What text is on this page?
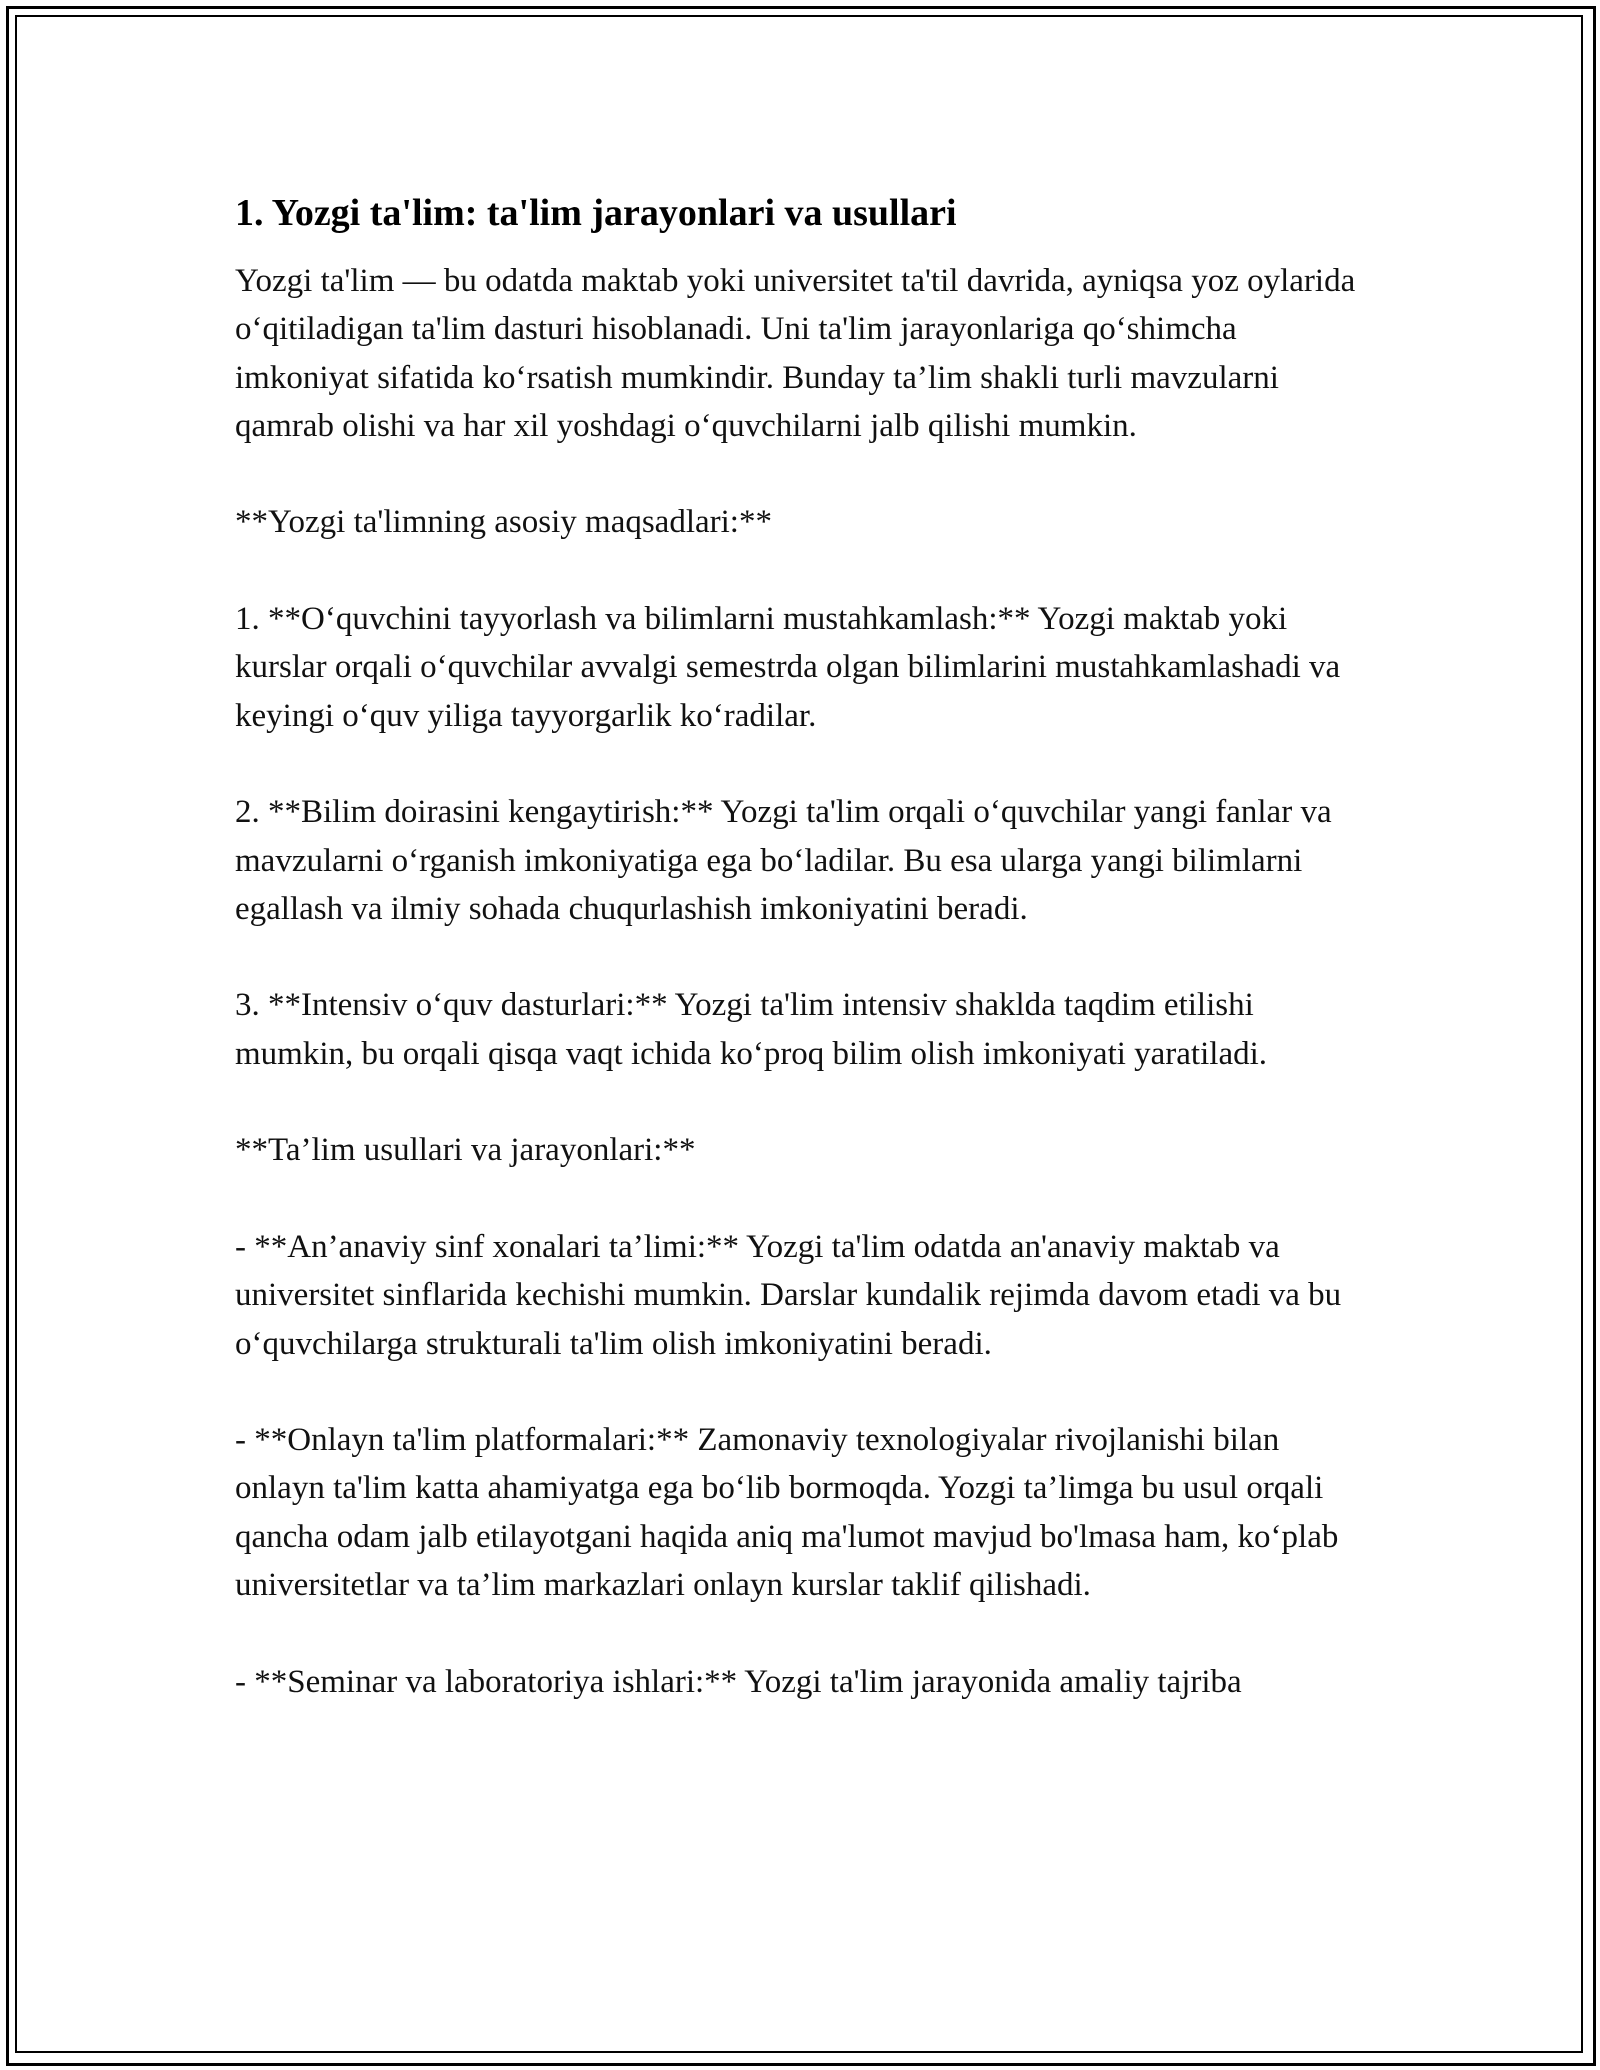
1. Yozgi ta'lim: ta'lim jarayonlari va usullari

Yozgi ta'lim — bu odatda maktab yoki universitet ta'til davrida, ayniqsa yoz oylarida o‘qitiladigan ta'lim dasturi hisoblanadi. Uni ta'lim jarayonlariga qo‘shimcha imkoniyat sifatida ko‘rsatish mumkindir. Bunday ta’lim shakli turli mavzularni qamrab olishi va har xil yoshdagi o‘quvchilarni jalb qilishi mumkin.

**Yozgi ta'limning asosiy maqsadlari:**

1. **O‘quvchini tayyorlash va bilimlarni mustahkamlash:** Yozgi maktab yoki kurslar orqali o‘quvchilar avvalgi semestrda olgan bilimlarini mustahkamlashadi va keyingi o‘quv yiliga tayyorgarlik ko‘radilar.

2. **Bilim doirasini kengaytirish:** Yozgi ta'lim orqali o‘quvchilar yangi fanlar va mavzularni o‘rganish imkoniyatiga ega bo‘ladilar. Bu esa ularga yangi bilimlarni egallash va ilmiy sohada chuqurlashish imkoniyatini beradi.

3. **Intensiv o‘quv dasturlari:** Yozgi ta'lim intensiv shaklda taqdim etilishi mumkin, bu orqali qisqa vaqt ichida ko‘proq bilim olish imkoniyati yaratiladi.

**Ta’lim usullari va jarayonlari:**

- **An’anaviy sinf xonalari ta’limi:** Yozgi ta'lim odatda an'anaviy maktab va universitet sinflarida kechishi mumkin. Darslar kundalik rejimda davom etadi va bu o‘quvchilarga strukturali ta'lim olish imkoniyatini beradi.

- **Onlayn ta'lim platformalari:** Zamonaviy texnologiyalar rivojlanishi bilan onlayn ta'lim katta ahamiyatga ega bo‘lib bormoqda. Yozgi ta’limga bu usul orqali qancha odam jalb etilayotgani haqida aniq ma'lumot mavjud bo'lmasa ham, ko‘plab universitetlar va ta’lim markazlari onlayn kurslar taklif qilishadi.

- **Seminar va laboratoriya ishlari:** Yozgi ta'lim jarayonida amaliy tajriba
